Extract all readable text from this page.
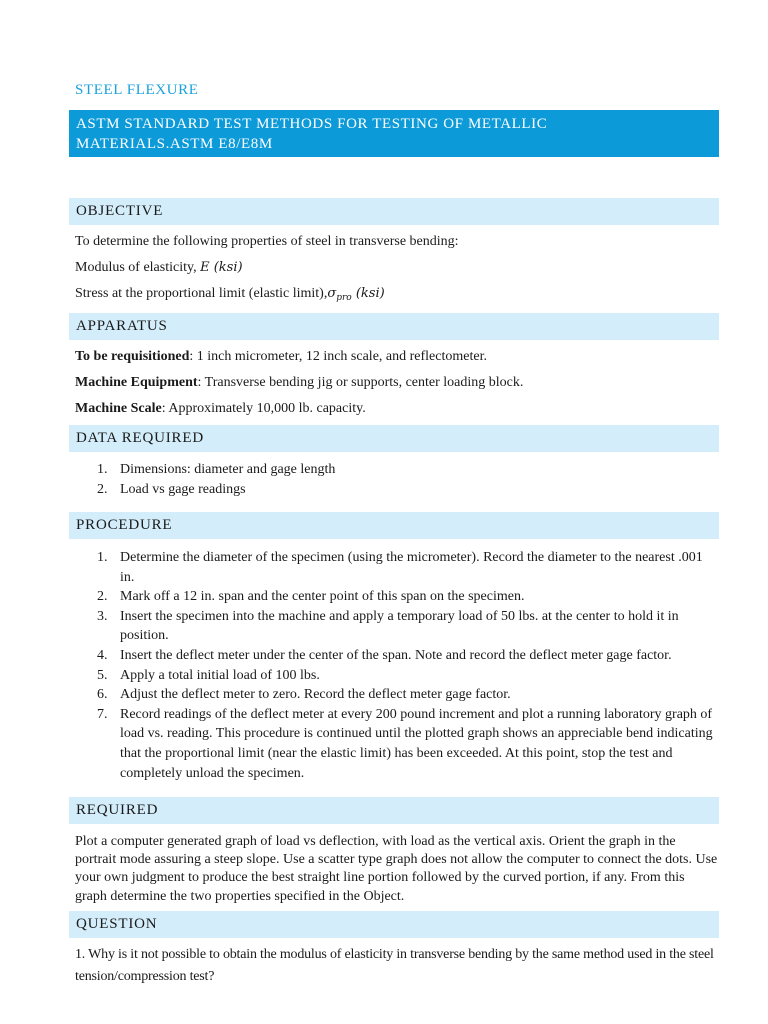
STEEL FLEXURE
ASTM STANDARD TEST METHODS FOR TESTING OF METALLIC
MATERIALS.ASTM E8/E8M
OBJECTIVE
To determine the following properties of steel in transverse bending:
Modulus of elasticity, E (ksi)
Stress at the proportional limit (elastic $limit),\sigma_{pro}$ (ksi)
APPARATUS
To be requisitioned: 1 inch micrometer, 12 inch scale, and reflectometer.
Machine Equipment: Transverse bending jig or supports, center loading block.
Machine Scale: Approximately 10,000 lb. capacity.
DATA REQUIRED
1. Dimensions: diameter and gage length
2. Load vs gage readings
PROCEDURE
1. Determine the diameter of the specimen (using the micrometer). Record the diameter to the nearest .001 in.
2. Mark off a 12 in. span and the center point of this span on the specimen.
3. Insert the specimen into the machine and apply a temporary load of 50 lbs. at the center to hold it in position.
4. Insert the deflect meter under the center of the span. Note and record the deflect meter gage factor.
5. Apply a total initial load of 100 lbs.
6. Adjust the deflect meter to zero. Record the deflect meter gage factor.
7. Record readings of the deflect meter at every 200 pound increment and plot a running laboratory graph of load vs. reading. This procedure is continued until the plotted graph shows an appreciable bend indicating that the proportional limit (near the elastic limit) has been exceeded. At this point, stop the test and completely unload the specimen.
REQUIRED
Plot a computer generated graph of load vs deflection, with load as the vertical axis. Orient the graph in the portrait mode assuring a steep slope. Use a scatter type graph does not allow the computer to connect the dots. Use your own judgment to produce the best straight line portion followed by the curved portion, if any. From this graph determine the two properties specified in the Object.
QUESTION
1. Why is it not possible to obtain the modulus of elasticity in transverse bending by the same method used in the steel tension/compression test?
